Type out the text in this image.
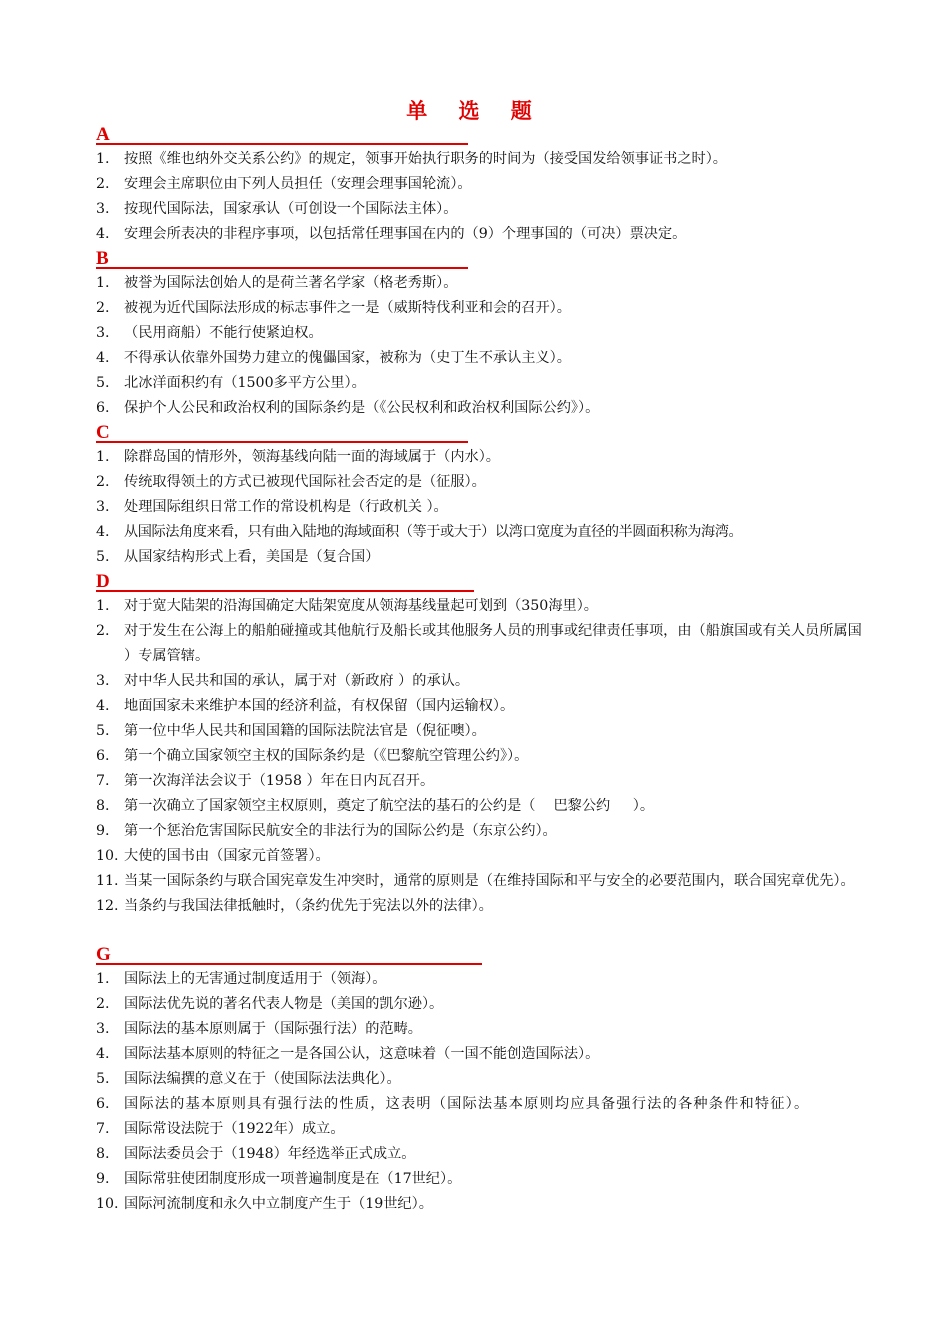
单 选 题
A
1. 按照《维也纳外交关系公约》的规定，领事开始执行职务的时间为（接受国发给领事证书之时）。
2. 安理会主席职位由下列人员担任（安理会理事国轮流）。
3. 按现代国际法，国家承认（可创设一个国际法主体）。
4. 安理会所表决的非程序事项，以包括常任理事国在内的（9）个理事国的（可决）票决定。
B
1. 被誉为国际法创始人的是荷兰著名学家（格老秀斯）。
2. 被视为近代国际法形成的标志事件之一是（威斯特伐利亚和会的召开）。
3. （民用商船）不能行使紧迫权。
4. 不得承认依靠外国势力建立的傀儡国家，被称为（史丁生不承认主义）。
5. 北冰洋面积约有（1500多平方公里）。
6. 保护个人公民和政治权利的国际条约是（《公民权利和政治权利国际公约》）。
C
1. 除群岛国的情形外，领海基线向陆一面的海域属于（内水）。
2. 传统取得领土的方式已被现代国际社会否定的是（征服）。
3. 处理国际组织日常工作的常设机构是（行政机关 ）。
4. 从国际法角度来看，只有曲入陆地的海域面积（等于或大于）以湾口宽度为直径的半圆面积称为海湾。
5. 从国家结构形式上看，美国是（复合国）
D
1. 对于宽大陆架的沿海国确定大陆架宽度从领海基线量起可划到（350海里）。
2. 对于发生在公海上的船舶碰撞或其他航行及船长或其他服务人员的刑事或纪律责任事项，由（船旗国或有关人员所属国 ）专属管辖。
3. 对中华人民共和国的承认，属于对（新政府 ）的承认。
4. 地面国家未来维护本国的经济利益，有权保留（国内运输权）。
5. 第一位中华人民共和国国籍的国际法院法官是（倪征噢）。
6. 第一个确立国家领空主权的国际条约是（《巴黎航空管理公约》）。
7. 第一次海洋法会议于（1958 ）年在日内瓦召开。
8. 第一次确立了国家领空主权原则，奠定了航空法的基石的公约是（    巴黎公约     ）。
9. 第一个惩治危害国际民航安全的非法行为的国际公约是（东京公约）。
10. 大使的国书由（国家元首签署）。
11. 当某一国际条约与联合国宪章发生冲突时，通常的原则是（在维持国际和平与安全的必要范围内，联合国宪章优先）。
12. 当条约与我国法律抵触时，（条约优先于宪法以外的法律）。
G
1. 国际法上的无害通过制度适用于（领海）。
2. 国际法优先说的著名代表人物是（美国的凯尔逊）。
3. 国际法的基本原则属于（国际强行法）的范畴。
4. 国际法基本原则的特征之一是各国公认，这意味着（一国不能创造国际法）。
5. 国际法编撰的意义在于（使国际法法典化）。
6. 国际法的基本原则具有强行法的性质，这表明（国际法基本原则均应具备强行法的各种条件和特征）。
7. 国际常设法院于（1922年）成立。
8. 国际法委员会于（1948）年经选举正式成立。
9. 国际常驻使团制度形成一项普遍制度是在（17世纪）。
10. 国际河流制度和永久中立制度产生于（19世纪）。
